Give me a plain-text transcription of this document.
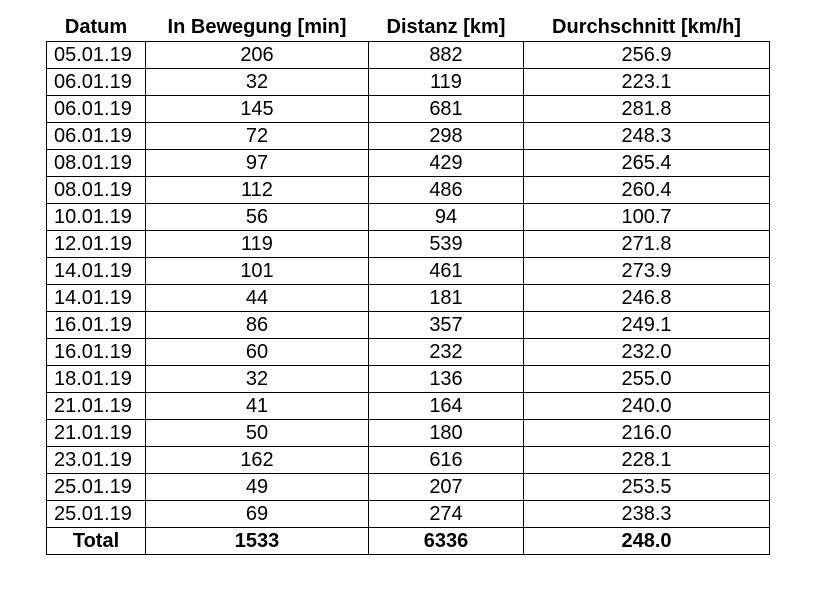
Datum	In Bewegung [min]	Distanz [km]	Durchschnitt [km/h]
05.01.19	206	882	256.9
06.01.19	32	119	223.1
06.01.19	145	681	281.8
06.01.19	72	298	248.3
08.01.19	97	429	265.4
08.01.19	112	486	260.4
10.01.19	56	94	100.7
12.01.19	119	539	271.8
14.01.19	101	461	273.9
14.01.19	44	181	246.8
16.01.19	86	357	249.1
16.01.19	60	232	232.0
18.01.19	32	136	255.0
21.01.19	41	164	240.0
21.01.19	50	180	216.0
23.01.19	162	616	228.1
25.01.19	49	207	253.5
25.01.19	69	274	238.3
Total	1533	6336	248.0
